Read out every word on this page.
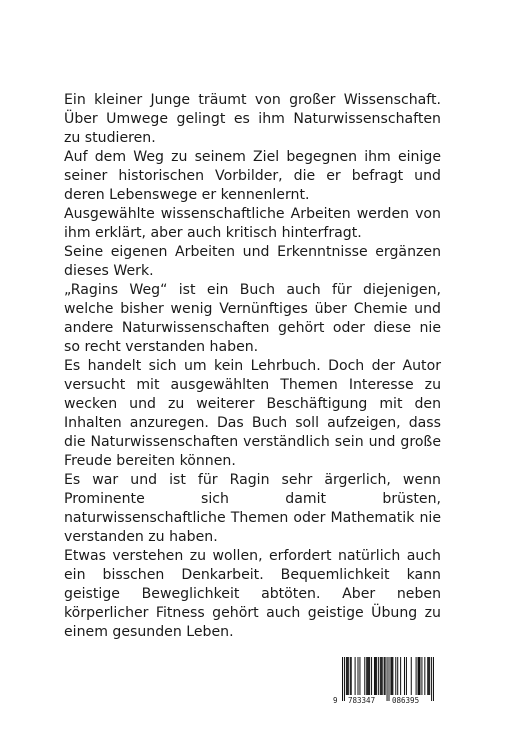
Ein kleiner Junge träumt von großer Wissenschaft. Über Umwege gelingt es ihm Naturwissenschaften zu studieren.

Auf dem Weg zu seinem Ziel begegnen ihm einige seiner historischen Vorbilder, die er befragt und deren Lebenswege er kennenlernt.

Ausgewählte wissenschaftliche Arbeiten werden von ihm erklärt, aber auch kritisch hinterfragt.

Seine eigenen Arbeiten und Erkenntnisse ergänzen dieses Werk.

„Ragins Weg“ ist ein Buch auch für diejenigen, welche bisher wenig Vernünftiges über Chemie und andere Naturwissenschaften gehört oder diese nie so recht verstanden haben.

Es handelt sich um kein Lehrbuch. Doch der Autor versucht mit ausgewählten Themen Interesse zu wecken und zu weiterer Beschäftigung mit den Inhalten anzuregen. Das Buch soll aufzeigen, dass die Naturwissenschaften verständlich sein und große Freude bereiten können.

Es war und ist für Ragin sehr ärgerlich, wenn Prominente sich damit brüsten, naturwissenschaftliche Themen oder Mathematik nie verstanden zu haben.

Etwas verstehen zu wollen, erfordert natürlich auch ein bisschen Denkarbeit. Bequemlichkeit kann geistige Beweglichkeit abtöten. Aber neben körperlicher Fitness gehört auch geistige Übung zu einem gesunden Leben.

9 783347 086395
